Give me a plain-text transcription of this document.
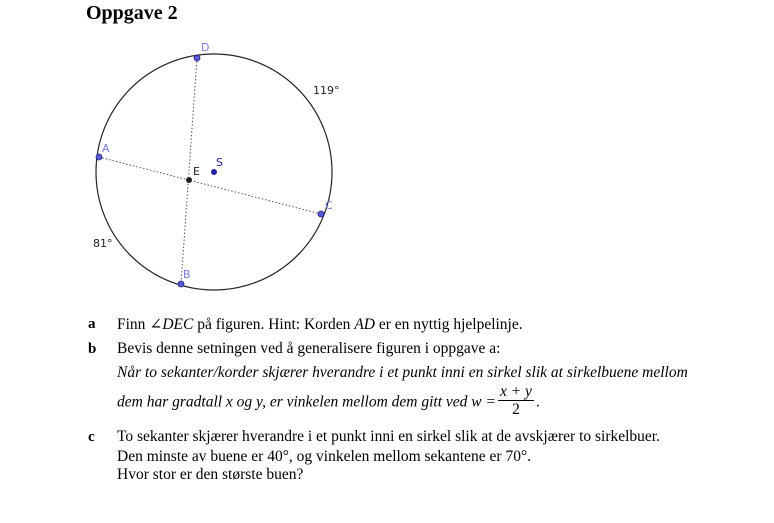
Oppgave 2
D
A
C
B
E
S
119°
81°
a Finn ∠DEC på figuren. Hint: Korden AD er en nyttig hjelpelinje.
b Bevis denne setningen ved å generalisere figuren i oppgave a:
Når to sekanter/korder skjærer hverandre i et punkt inni en sirkel slik at sirkelbuene mellom
dem har gradtall x og y, er vinkelen mellom dem gitt ved $w = \frac{x + y}{2}$ .
c To sekanter skjærer hverandre i et punkt inni en sirkel slik at de avskjærer to sirkelbuer.
Den minste av buene er 40°, og vinkelen mellom sekantene er 70°.
Hvor stor er den største buen?
